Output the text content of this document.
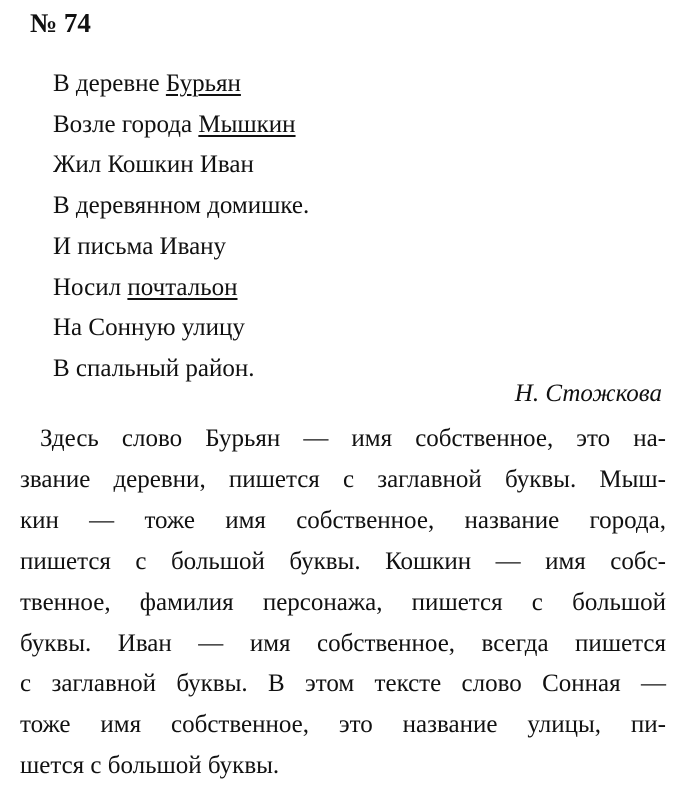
№ 74
В деревне Бурьян
Возле города Мышкин
Жил Кошкин Иван
В деревянном домишке.
И письма Ивану
Носил почтальон
На Сонную улицу
В спальный район.
Н. Стожкова
Здесь слово Бурьян — имя собственное, это на-
звание деревни, пишется с заглавной буквы. Мыш-
кин — тоже имя собственное, название города,
пишется с большой буквы. Кошкин — имя собс-
твенное, фамилия персонажа, пишется с большой
буквы. Иван — имя собственное, всегда пишется
с заглавной буквы. В этом тексте слово Сонная —
тоже имя собственное, это название улицы, пи-
шется с большой буквы.
